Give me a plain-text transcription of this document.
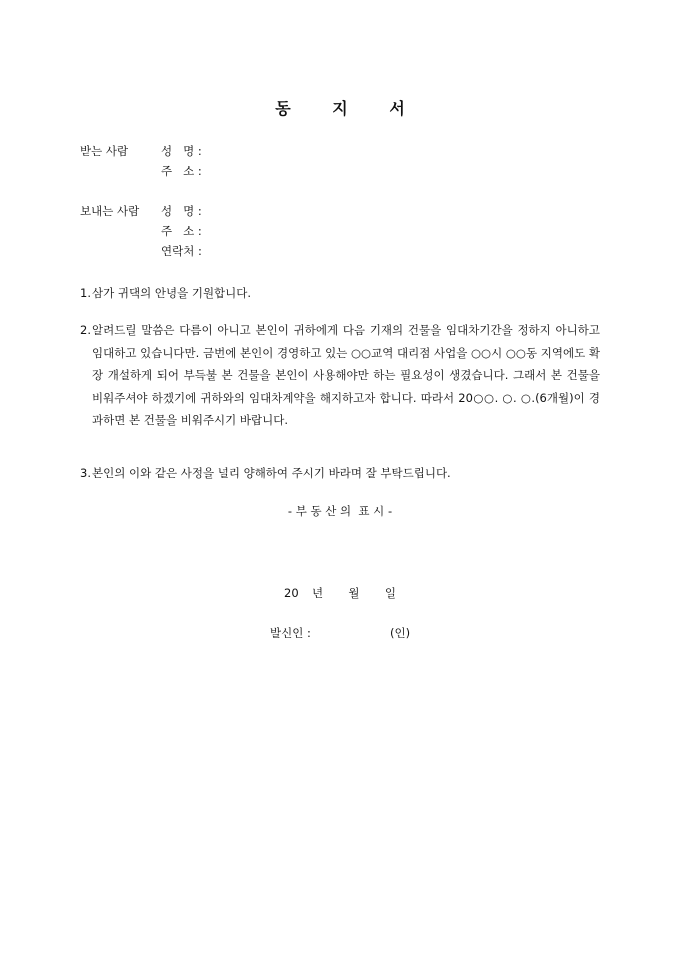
동	지	서
받는 사람	성   명 :
주   소 :
보내는 사람 성   명 :
주   소 :
연락처 :
1. 삼가 귀댁의 안녕을 기원합니다.
2. 알려드릴 말씀은 다름이 아니고 본인이 귀하에게 다음 기재의 건물을 임대차기간을 정하지 아니하고 임대하고 있습니다만. 금번에 본인이 경영하고 있는 ○○교역 대리점 사업을 ○○시 ○○동 지역에도 확장 개설하게 되어 부득불 본 건물을 본인이 사용해야만 하는 필요성이 생겼습니다. 그래서 본 건물을 비워주셔야 하겠기에 귀하와의 임대차계약을 해지하고자 합니다. 따라서 20○○. ○. ○.(6개월)이 경과하면 본 건물을 비워주시기 바랍니다.
3. 본인의 이와 같은 사정을 널리 양해하여 주시기 바라며 잘 부탁드립니다.
- 부 동 산 의  표 시 -
20 년 월 일
발신인 :	(인)
